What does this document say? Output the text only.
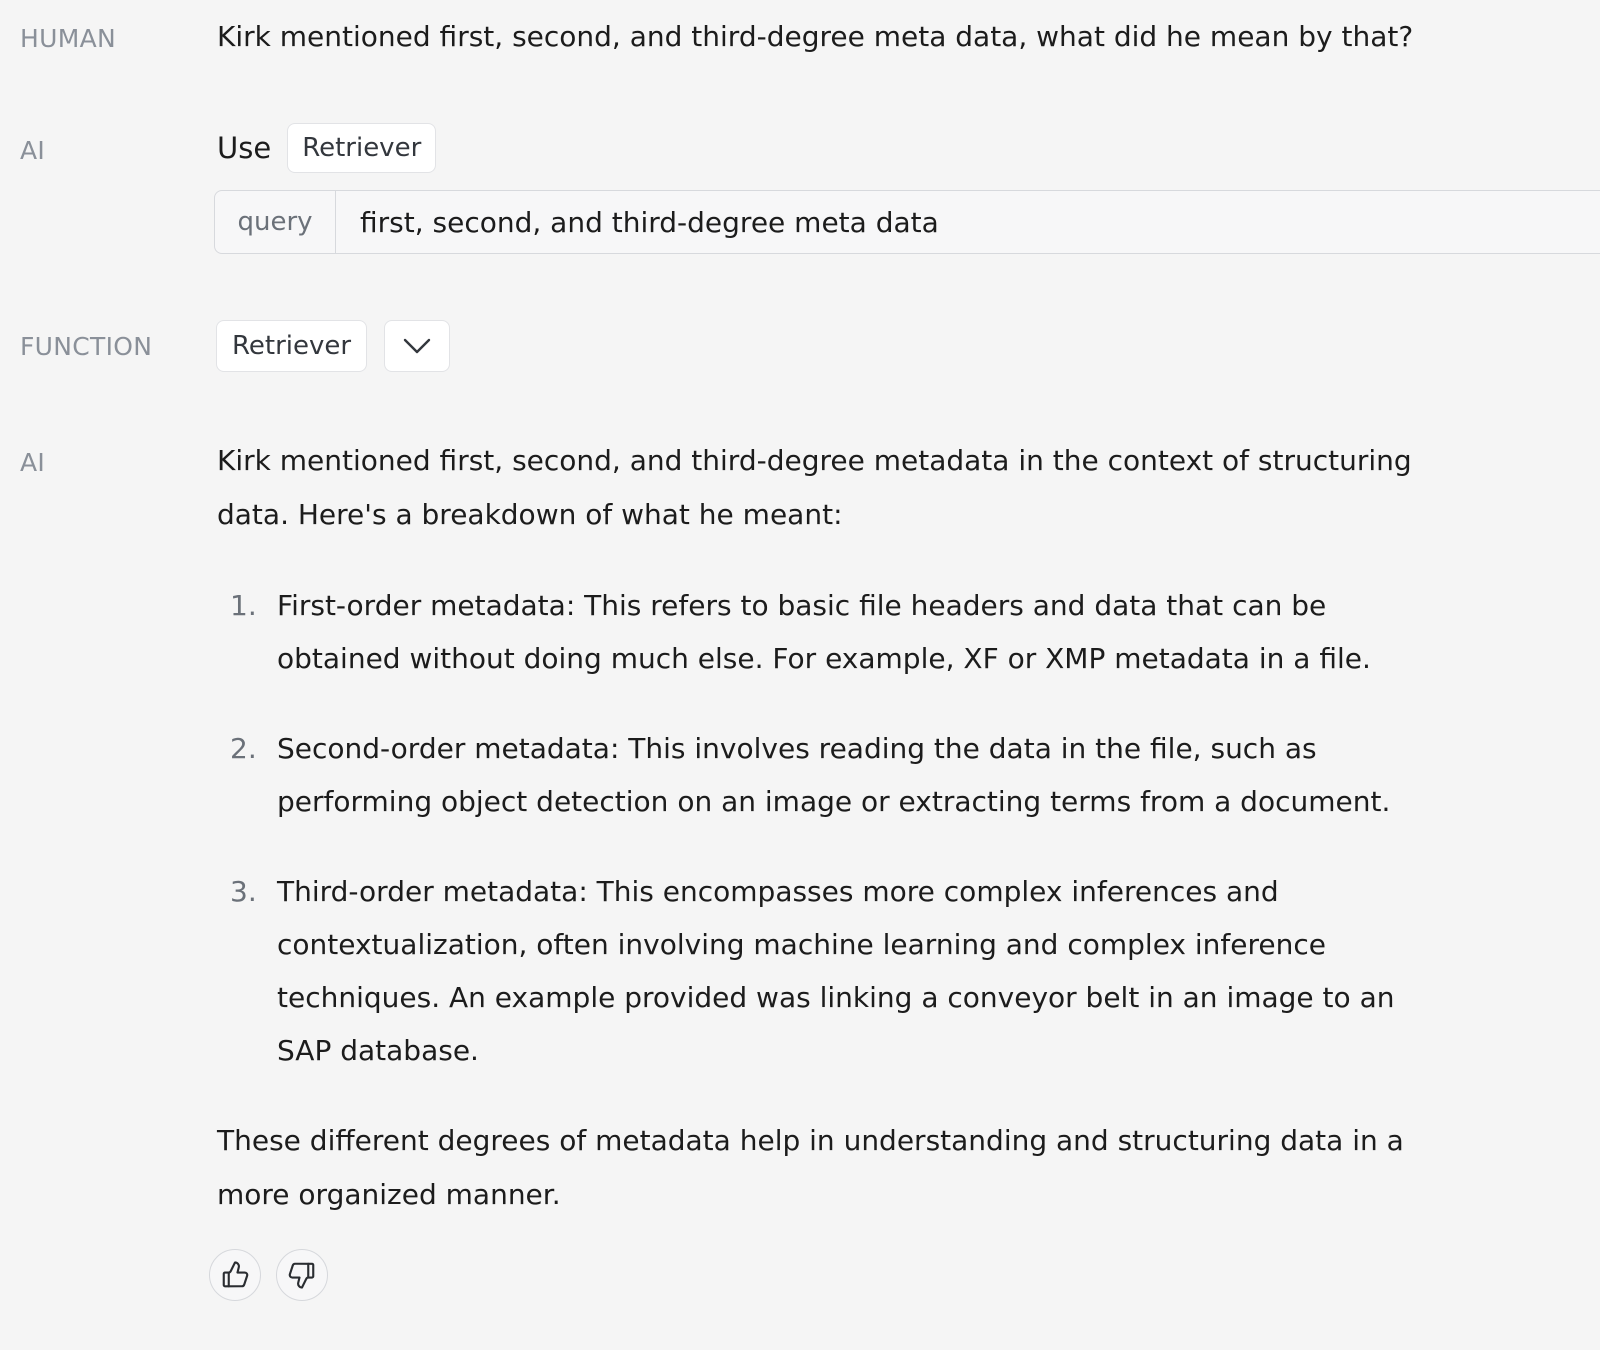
HUMAN	Kirk mentioned first, second, and third-degree meta data, what did he mean by that?
AI	Use	Retriever
query	first, second, and third-degree meta data
FUNCTION	Retriever
AI	Kirk mentioned first, second, and third-degree metadata in the context of structuring data. Here's a breakdown of what he meant:
1. First-order metadata: This refers to basic file headers and data that can be obtained without doing much else. For example, XF or XMP metadata in a file.
2. Second-order metadata: This involves reading the data in the file, such as performing object detection on an image or extracting terms from a document.
3. Third-order metadata: This encompasses more complex inferences and contextualization, often involving machine learning and complex inference techniques. An example provided was linking a conveyor belt in an image to an SAP database.
These different degrees of metadata help in understanding and structuring data in a more organized manner.
